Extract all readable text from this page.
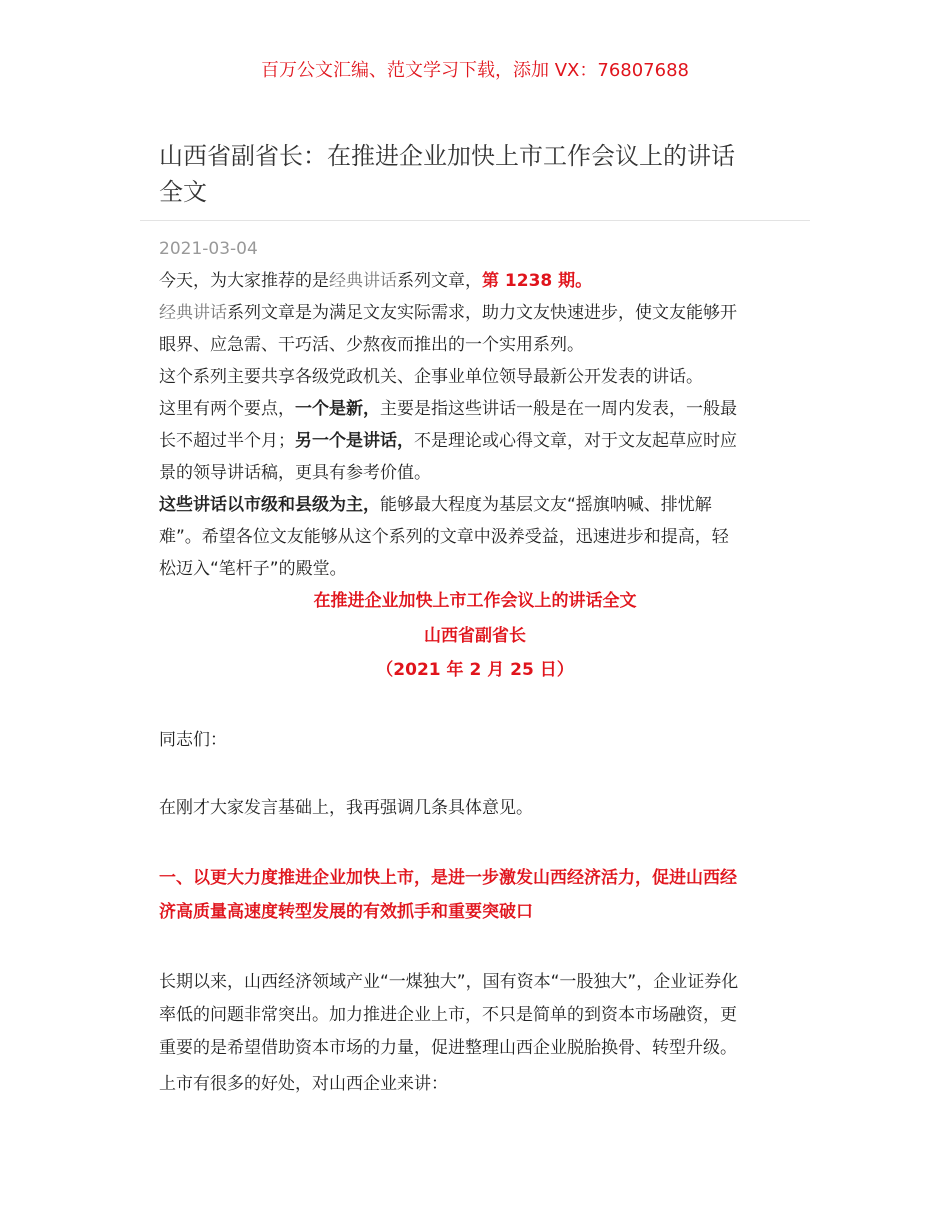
百万公文汇编、范文学习下载，添加 VX：76807688
山西省副省长：在推进企业加快上市工作会议上的讲话
全文
2021-03-04
今天，为大家推荐的是经典讲话系列文章，第 1238 期。
经典讲话系列文章是为满足文友实际需求，助力文友快速进步，使文友能够开
眼界、应急需、干巧活、少熬夜而推出的一个实用系列。
这个系列主要共享各级党政机关、企事业单位领导最新公开发表的讲话。
这里有两个要点，一个是新，主要是指这些讲话一般是在一周内发表，一般最
长不超过半个月；另一个是讲话，不是理论或心得文章，对于文友起草应时应
景的领导讲话稿，更具有参考价值。
这些讲话以市级和县级为主，能够最大程度为基层文友“摇旗呐喊、排忧解
难”。希望各位文友能够从这个系列的文章中汲养受益，迅速进步和提高，轻
松迈入“笔杆子”的殿堂。
在推进企业加快上市工作会议上的讲话全文
山西省副省长
（2021 年 2 月 25 日）
同志们：
在刚才大家发言基础上，我再强调几条具体意见。
一、以更大力度推进企业加快上市，是进一步激发山西经济活力，促进山西经
济高质量高速度转型发展的有效抓手和重要突破口
长期以来，山西经济领域产业“一煤独大”，国有资本“一股独大”，企业证券化
率低的问题非常突出。加力推进企业上市，不只是简单的到资本市场融资，更
重要的是希望借助资本市场的力量，促进整理山西企业脱胎换骨、转型升级。
上市有很多的好处，对山西企业来讲：
